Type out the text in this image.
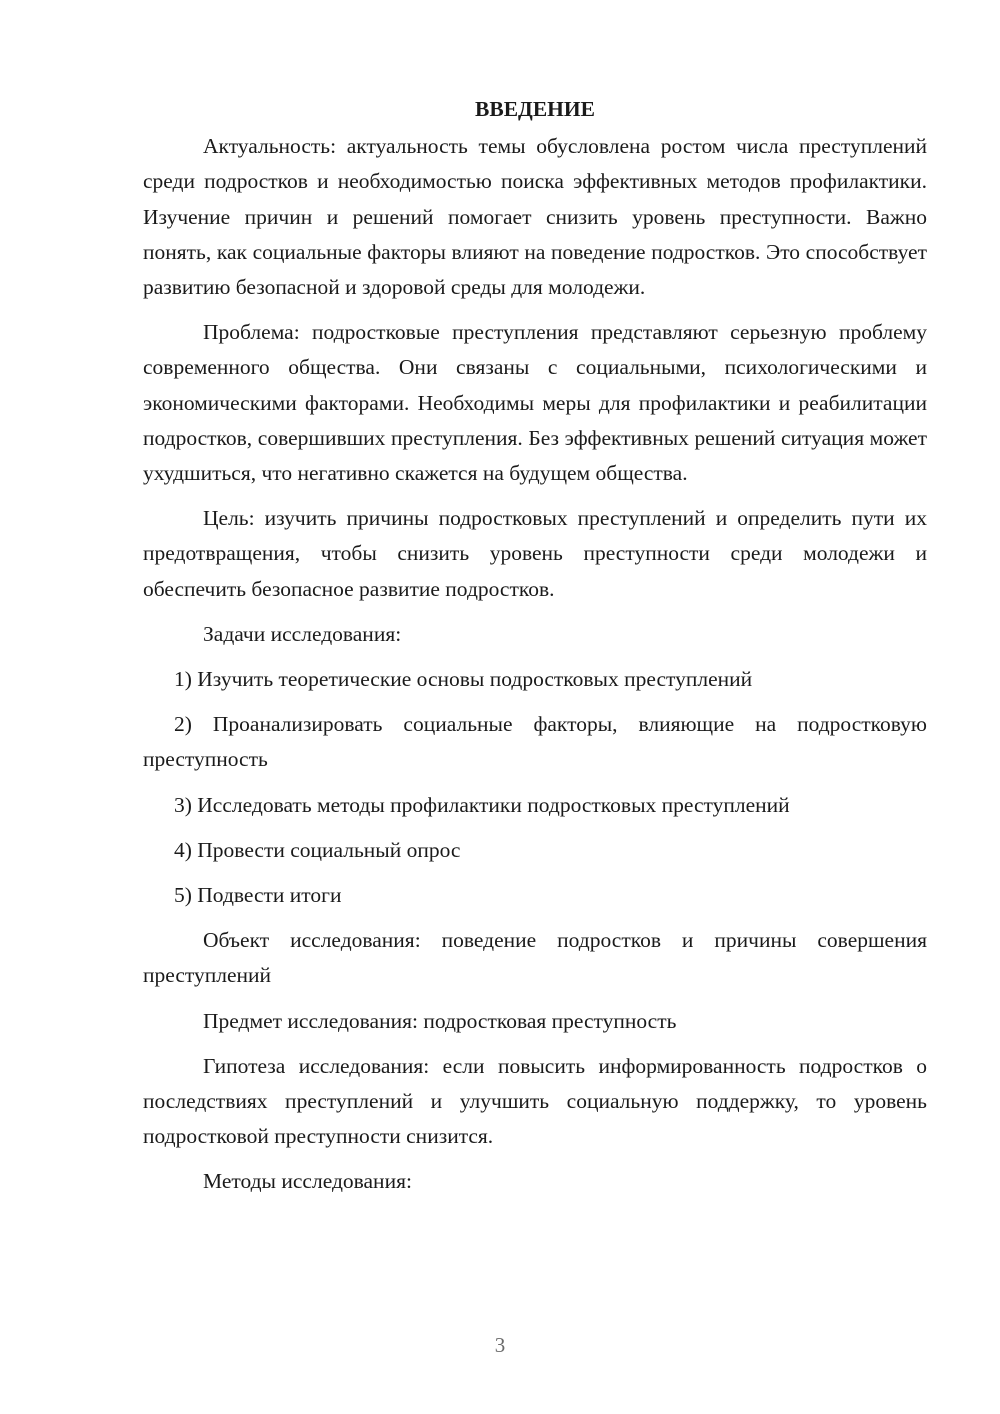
ВВЕДЕНИЕ

Актуальность: актуальность темы обусловлена ростом числа преступлений среди подростков и необходимостью поиска эффективных методов профилактики. Изучение причин и решений помогает снизить уровень преступности. Важно понять, как социальные факторы влияют на поведение подростков. Это способствует развитию безопасной и здоровой среды для молодежи.

Проблема: подростковые преступления представляют серьезную проблему современного общества. Они связаны с социальными, психологическими и экономическими факторами. Необходимы меры для профилактики и реабилитации подростков, совершивших преступления. Без эффективных решений ситуация может ухудшиться, что негативно скажется на будущем общества.

Цель: изучить причины подростковых преступлений и определить пути их предотвращения, чтобы снизить уровень преступности среди молодежи и обеспечить безопасное развитие подростков.

Задачи исследования:

1) Изучить теоретические основы подростковых преступлений

2) Проанализировать социальные факторы, влияющие на подростковую преступность

3) Исследовать методы профилактики подростковых преступлений

4) Провести социальный опрос

5) Подвести итоги

Объект исследования: поведение подростков и причины совершения преступлений

Предмет исследования: подростковая преступность

Гипотеза исследования: если повысить информированность подростков о последствиях преступлений и улучшить социальную поддержку, то уровень подростковой преступности снизится.

Методы исследования:

3
